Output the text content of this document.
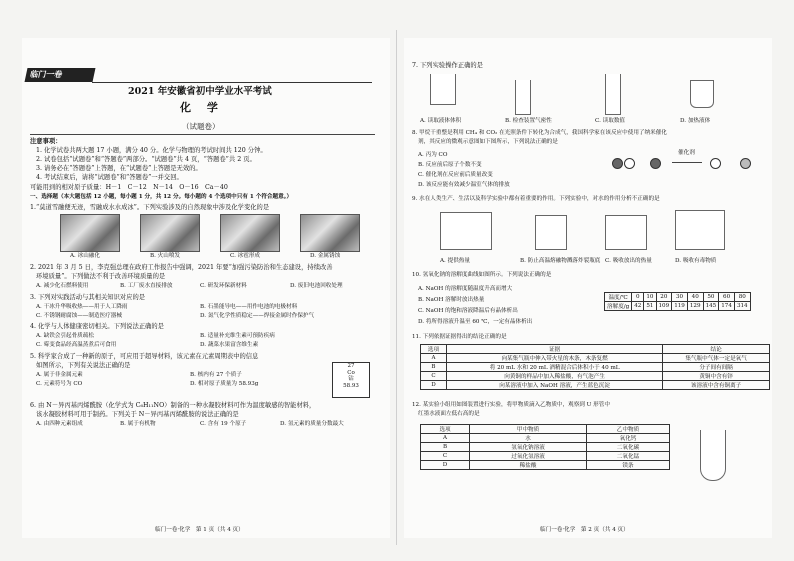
临门一卷
2021 年安徽省初中学业水平考试
化 学
（试题卷）
注意事项：
1. 化学试卷共两大题 17 小题，满分 40 分。化学与物理的考试时间共 120 分钟。
2. 试卷包括“试题卷”和“答题卷”两部分。“试题卷”共 4 页，“答题卷”共 2 页。
3. 请务必在“答题卷”上答题，在“试题卷”上答题是无效的。
4. 考试结束后，请将“试题卷”和“答题卷”一并交回。
可能用到的相对原子质量：H－1　C－12　N－14　O－16　Ca－40
一、选择题（本大题包括 12 小题，每小题 1 分，共 12 分。每小题的 4 个选项中只有 1 个符合题意。）
1.“莫道雪融便无迹，雪融成水水成冰”。下列实验涉及的自然现象中涉及化学变化的是
A. 冰山融化	B. 火山喷发	C. 冰雹形成	D. 金属锈蚀
2. 2021 年 3 月 5 日，李克强总理在政府工作报告中强调，2021 年要“加强污染防治和生态建设，持续改善
环境质量”。下列做法不利于改善环境质量的是
A. 减少化石燃料使用	B. 工厂废水直接排放	C. 研发环保新材料	D. 废旧电池回收处理
3. 下列对实践活动与其相关知识对应的是
A. 干冰升华吸收热——用于人工降雨	B. 石墨能导电——用作电池的电极材料
C. 不锈钢耐腐蚀——制造医疗器械	D. 氮气化学性质稳定——焊接金属时作保护气
4. 化学与人体健康密切相关。下列说法正确的是
A. 缺铁会引起骨质疏松	B. 适量补充维生素可预防疾病
C. 霉变食品经高温蒸煮后可食用	D. 蔬菜水果富含维生素
5. 科学家合成了一种新的原子，可应用于超导材料，该元素在元素周期表中的信息
如图所示，下列有关说法正确的是
A. 属于非金属元素	B. 核内有 27 个质子
C. 元素符号为 CO	D. 相对原子质量为 58.93g
27
Co
钴
58.93
6. 由 N－异丙基丙烯酰胺（化学式为 C₆H₁₁NO）制备的一种水凝胶材料可作为温度敏感的智能材料，
该水凝胶材料可用于制药。下列关于 N－异丙基丙烯酰胺的说法正确的是
A. 由四种元素组成	B. 属于有机物	C. 含有 19 个原子	D. 氢元素的质量分数最大
临门一卷·化学　第 1 页（共 4 页）
7. 下列实验操作正确的是
A. 读取液体体积	B. 检查装置气密性	C. 读取数值	D. 加热液体
8. 甲烷干重整是利用 CH₄ 和 CO₂ 在光照条件下转化为合成气，我国科学家在该反应中使用了纳米催化
剂，其反应的微观示意图如下图所示，下列说法正确的是
A. 丙为 CO
B. 反应前后原子个数不变
C. 催化剂在反应前后质量改变
D. 该反应能有效减少温室气体的排放
催化剂
9. 水在人类生产、生活以及科学实验中都有着重要的作用。下列实验中，对水的作用分析不正确的是
A. 提供热量	B. 防止高温熔融物溅落炸裂瓶底 C. 吸收放出的热量	D. 吸收有毒物质
10. 氢氧化钠的溶解度曲线如图所示。下列说法正确的是
A. NaOH 的溶解度随温度升高而增大
B. NaOH 溶解时放出热量
C. NaOH 的饱和溶液降温后有晶体析出
D. 将所得溶液升温至 60 ℃，一定有晶体析出
温度/℃	0	10	20	30	40	50	60	80
溶解度/g	42	51	109	119	129	145	174	314
11. 下列依据证据得出的结论正确的是
选项	证据	结论
A	向某集气瓶中伸入带火星的木条，木条复燃	集气瓶中气体一定是氧气
B	将 20 mL 水和 20 mL 酒精混合后体积小于 40 mL	分子间有间隔
C	向黄铜的样品中加入稀盐酸，有气泡产生	黄铜中含有锌
D	向某溶液中加入 NaOH 溶液，产生蓝色沉淀	该溶液中含有铜离子
12. 某实验小组用如图装置进行实验，将甲物质滴入乙物质中，观察到 U 形管中
红墨水液面左低右高的是
选项	甲中物质	乙中物质
A	水	氧化钙
B	氢氧化钠溶液	二氧化碳
C	过氧化氢溶液	二氧化锰
D	稀盐酸	镁条
临门一卷·化学　第 2 页（共 4 页）
